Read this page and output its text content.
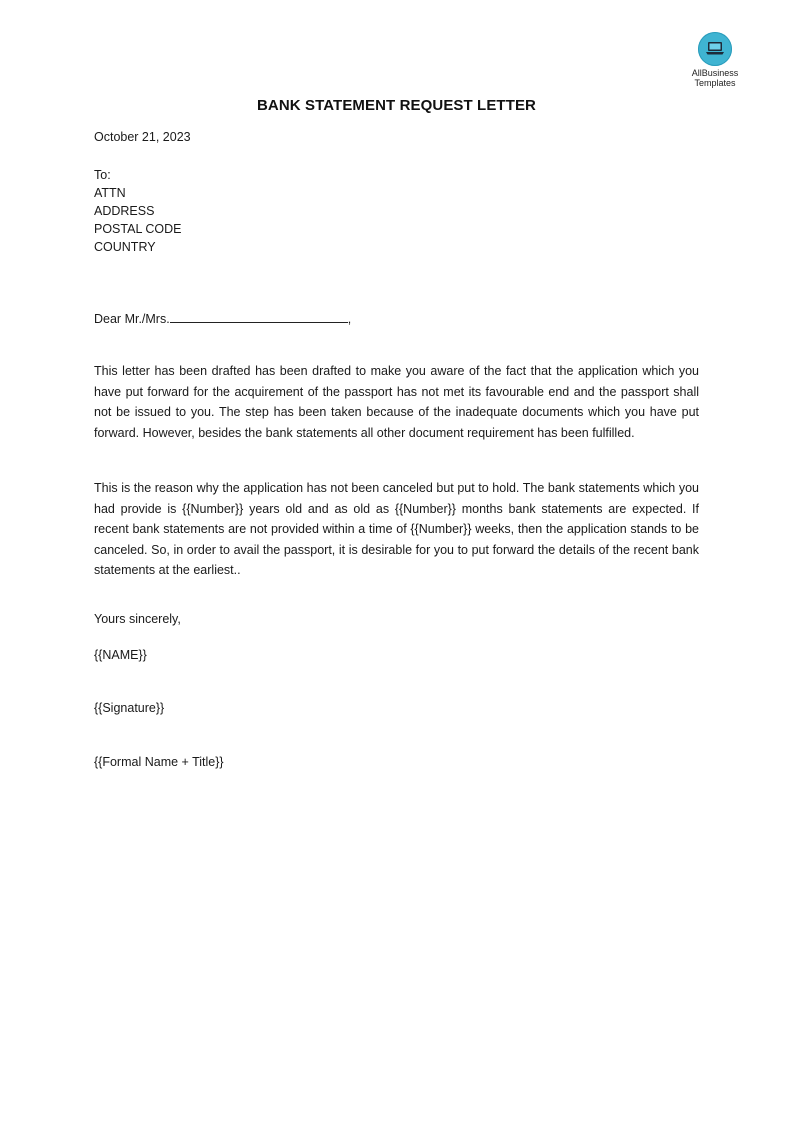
AllBusiness
Templates
BANK STATEMENT REQUEST LETTER
October 21, 2023
To:
ATTN
ADDRESS
POSTAL CODE
COUNTRY
Dear Mr./Mrs.	,
This letter has been drafted has been drafted to make you aware of the fact that the application which you have put forward for the acquirement of the passport has not met its favourable end and the passport shall not be issued to you. The step has been taken because of the inadequate documents which you have put forward. However, besides the bank statements all other document requirement has been fulfilled.
This is the reason why the application has not been canceled but put to hold. The bank statements which you had provide is {{Number}} years old and as old as {{Number}} months bank statements are expected. If recent bank statements are not provided within a time of {{Number}} weeks, then the application stands to be canceled. So, in order to avail the passport, it is desirable for you to put forward the details of the recent bank statements at the earliest..
Yours sincerely,
{{NAME}}
{{Signature}}
{{Formal Name + Title}}
